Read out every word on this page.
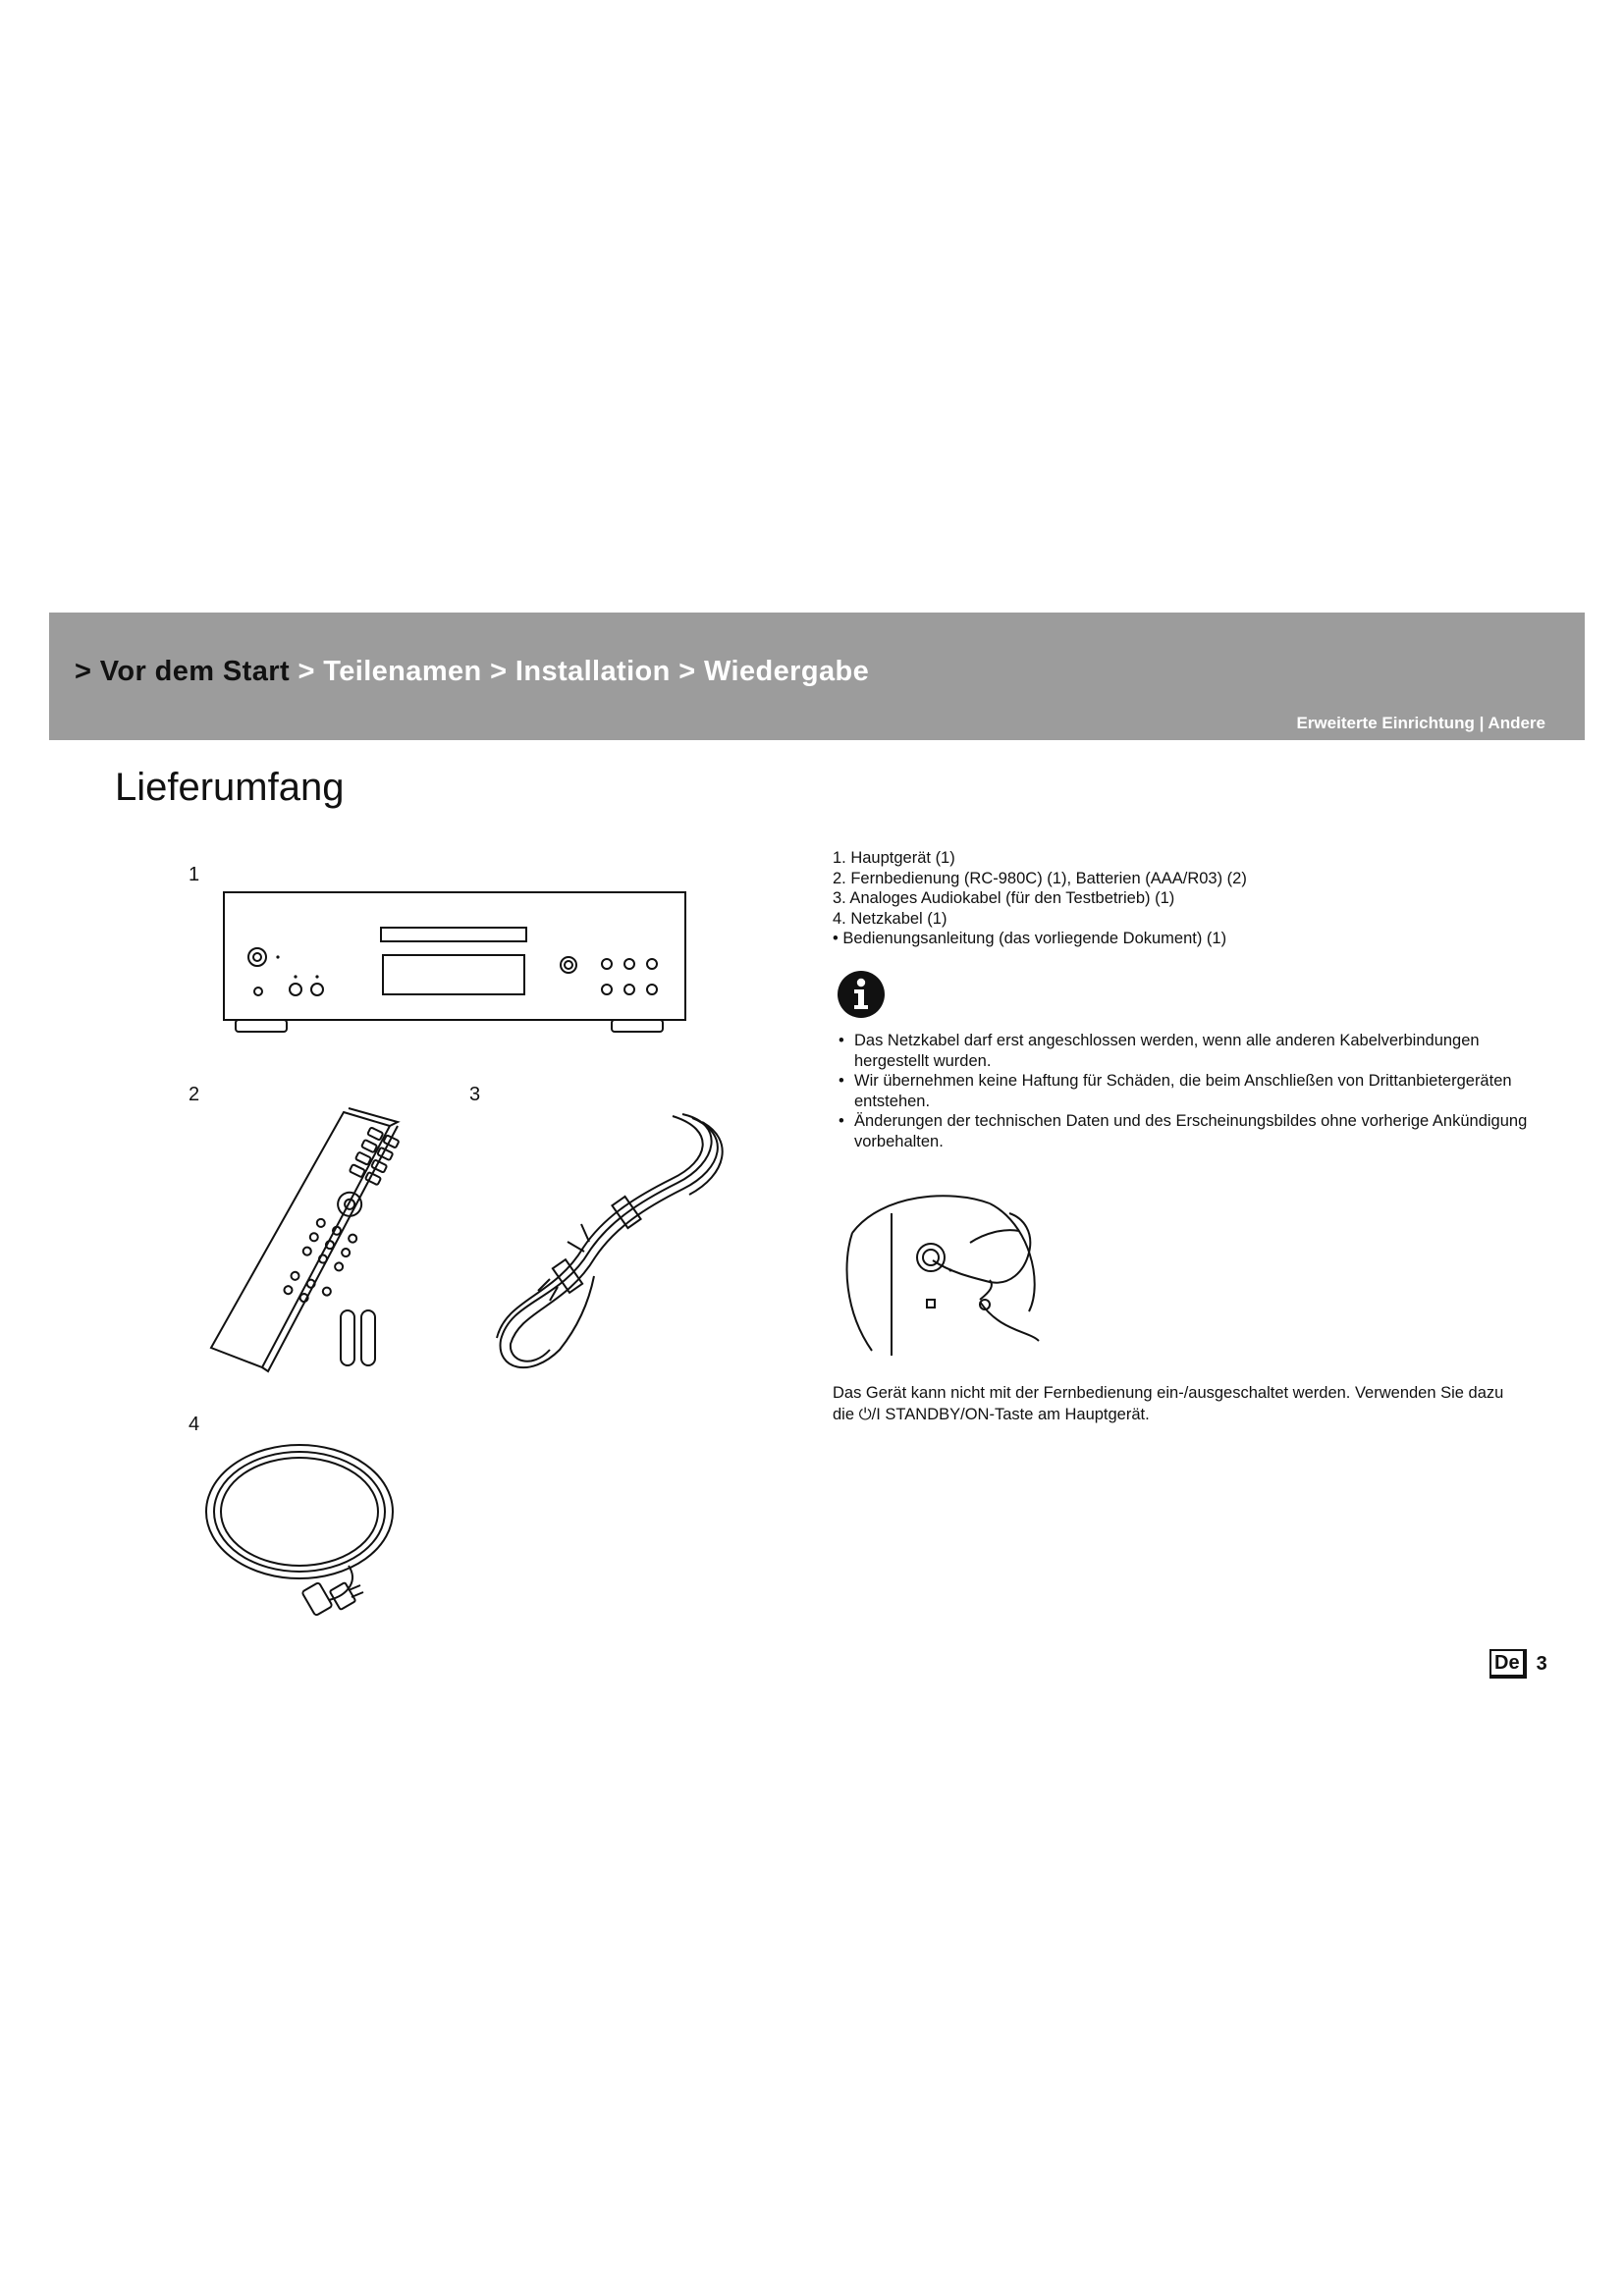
> Vor dem Start > Teilenamen > Installation > Wiedergabe
Erweiterte Einrichtung | Andere
Lieferumfang
1
2	3
4
1. Hauptgerät (1)
2. Fernbedienung (RC-980C) (1), Batterien (AAA/R03) (2)
3. Analoges Audiokabel (für den Testbetrieb) (1)
4. Netzkabel (1)
• Bedienungsanleitung (das vorliegende Dokument) (1)
• Das Netzkabel darf erst angeschlossen werden, wenn alle anderen Kabelverbindungen hergestellt wurden.
• Wir übernehmen keine Haftung für Schäden, die beim Anschließen von Drittanbietergeräten entstehen.
• Änderungen der technischen Daten und des Erscheinungsbildes ohne vorherige Ankündigung vorbehalten.

Das Gerät kann nicht mit der Fernbedienung ein-/ausgeschaltet werden. Verwenden Sie dazu die ⏻/I STANDBY/ON-Taste am Hauptgerät.

De 3
